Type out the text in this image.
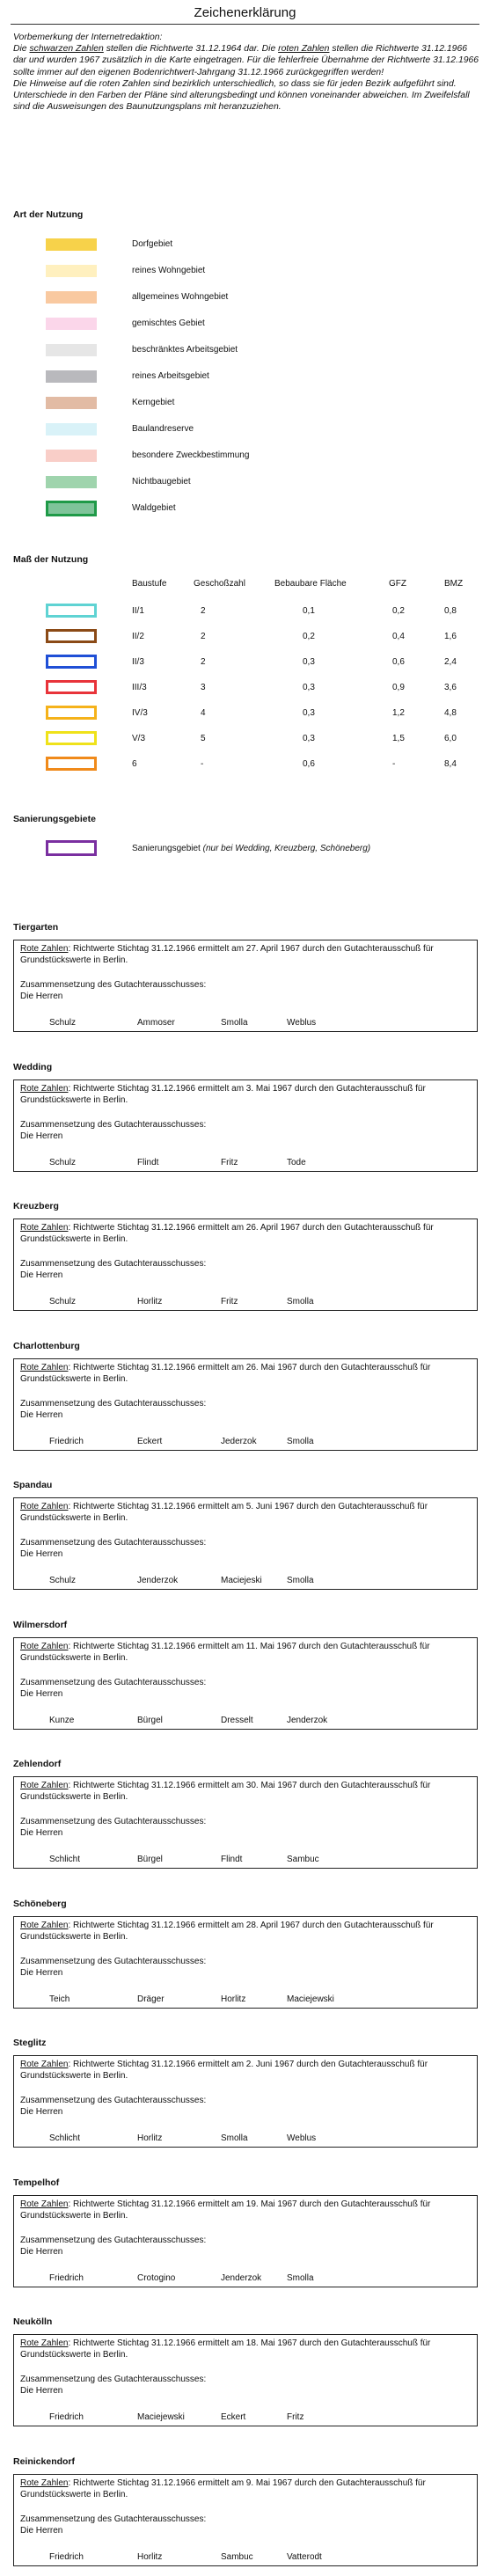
Zeichenerklärung

Vorbemerkung der Internetredaktion:

Die schwarzen Zahlen stellen die Richtwerte 31.12.1964 dar. Die roten Zahlen stellen die Richtwerte 31.12.1966 dar und wurden 1967 zusätzlich in die Karte eingetragen. Für die fehlerfreie Übernahme der Richtwerte 31.12.1966 sollte immer auf den eigenen Bodenrichtwert-Jahrgang 31.12.1966 zurückgegriffen werden!

Die Hinweise auf die roten Zahlen sind bezirklich unterschiedlich, so dass sie für jeden Bezirk aufgeführt sind.

Unterschiede in den Farben der Pläne sind alterungsbedingt und können voneinander abweichen. Im Zweifelsfall sind die Ausweisungen des Baunutzungsplans mit heranzuziehen.

Art der Nutzung
Dorfgebiet
reines Wohngebiet
allgemeines Wohngebiet
gemischtes Gebiet
beschränktes Arbeitsgebiet
reines Arbeitsgebiet
Kerngebiet
Baulandreserve
besondere Zweckbestimmung
Nichtbaugebiet
Waldgebiet
Maß der Nutzung
Baustufe	Geschoßzahl	Bebaubare Fläche	GFZ	BMZ
II/1	2	0,1	0,2	0,8
II/2	2	0,2	0,4	1,6
II/3	2	0,3	0,6	2,4
III/3	3	0,3	0,9	3,6
IV/3	4	0,3	1,2	4,8
V/3	5	0,3	1,5	6,0
6	-	0,6	-	8,4
Sanierungsgebiete
Sanierungsgebiet (nur bei Wedding, Kreuzberg, Schöneberg)
Tiergarten
Rote Zahlen: Richtwerte Stichtag 31.12.1966 ermittelt am 27. April 1967 durch den Gutachterausschuß für Grundstückswerte in Berlin.
Zusammensetzung des Gutachterausschusses:
Die Herren
Schulz	Ammoser	Smolla	Weblus
Wedding
Rote Zahlen: Richtwerte Stichtag 31.12.1966 ermittelt am 3. Mai 1967 durch den Gutachterausschuß für Grundstückswerte in Berlin.
Zusammensetzung des Gutachterausschusses:
Die Herren
Schulz	Flindt	Fritz	Tode
Kreuzberg
Rote Zahlen: Richtwerte Stichtag 31.12.1966 ermittelt am 26. April 1967 durch den Gutachterausschuß für Grundstückswerte in Berlin.
Zusammensetzung des Gutachterausschusses:
Die Herren
Schulz	Horlitz	Fritz	Smolla
Charlottenburg
Rote Zahlen: Richtwerte Stichtag 31.12.1966 ermittelt am 26. Mai 1967 durch den Gutachterausschuß für Grundstückswerte in Berlin.
Zusammensetzung des Gutachterausschusses:
Die Herren
Friedrich	Eckert	Jederzok	Smolla
Spandau
Rote Zahlen: Richtwerte Stichtag 31.12.1966 ermittelt am 5. Juni 1967 durch den Gutachterausschuß für Grundstückswerte in Berlin.
Zusammensetzung des Gutachterausschusses:
Die Herren
Schulz	Jenderzok	Maciejeski	Smolla
Wilmersdorf
Rote Zahlen: Richtwerte Stichtag 31.12.1966 ermittelt am 11. Mai 1967 durch den Gutachterausschuß für Grundstückswerte in Berlin.
Zusammensetzung des Gutachterausschusses:
Die Herren
Kunze	Bürgel	Dresselt	Jenderzok
Zehlendorf
Rote Zahlen: Richtwerte Stichtag 31.12.1966 ermittelt am 30. Mai 1967 durch den Gutachterausschuß für Grundstückswerte in Berlin.
Zusammensetzung des Gutachterausschusses:
Die Herren
Schlicht	Bürgel	Flindt	Sambuc
Schöneberg
Rote Zahlen: Richtwerte Stichtag 31.12.1966 ermittelt am 28. April 1967 durch den Gutachterausschuß für Grundstückswerte in Berlin.
Zusammensetzung des Gutachterausschusses:
Die Herren
Teich	Dräger	Horlitz	Maciejewski
Steglitz
Rote Zahlen: Richtwerte Stichtag 31.12.1966 ermittelt am 2. Juni 1967 durch den Gutachterausschuß für Grundstückswerte in Berlin.
Zusammensetzung des Gutachterausschusses:
Die Herren
Schlicht	Horlitz	Smolla	Weblus
Tempelhof
Rote Zahlen: Richtwerte Stichtag 31.12.1966 ermittelt am 19. Mai 1967 durch den Gutachterausschuß für Grundstückswerte in Berlin.
Zusammensetzung des Gutachterausschusses:
Die Herren
Friedrich	Crotogino	Jenderzok	Smolla
Neukölln
Rote Zahlen: Richtwerte Stichtag 31.12.1966 ermittelt am 18. Mai 1967 durch den Gutachterausschuß für Grundstückswerte in Berlin.
Zusammensetzung des Gutachterausschusses:
Die Herren
Friedrich	Maciejewski	Eckert	Fritz
Reinickendorf
Rote Zahlen: Richtwerte Stichtag 31.12.1966 ermittelt am 9. Mai 1967 durch den Gutachterausschuß für Grundstückswerte in Berlin.
Zusammensetzung des Gutachterausschusses:
Die Herren
Friedrich	Horlitz	Sambuc	Vatterodt
